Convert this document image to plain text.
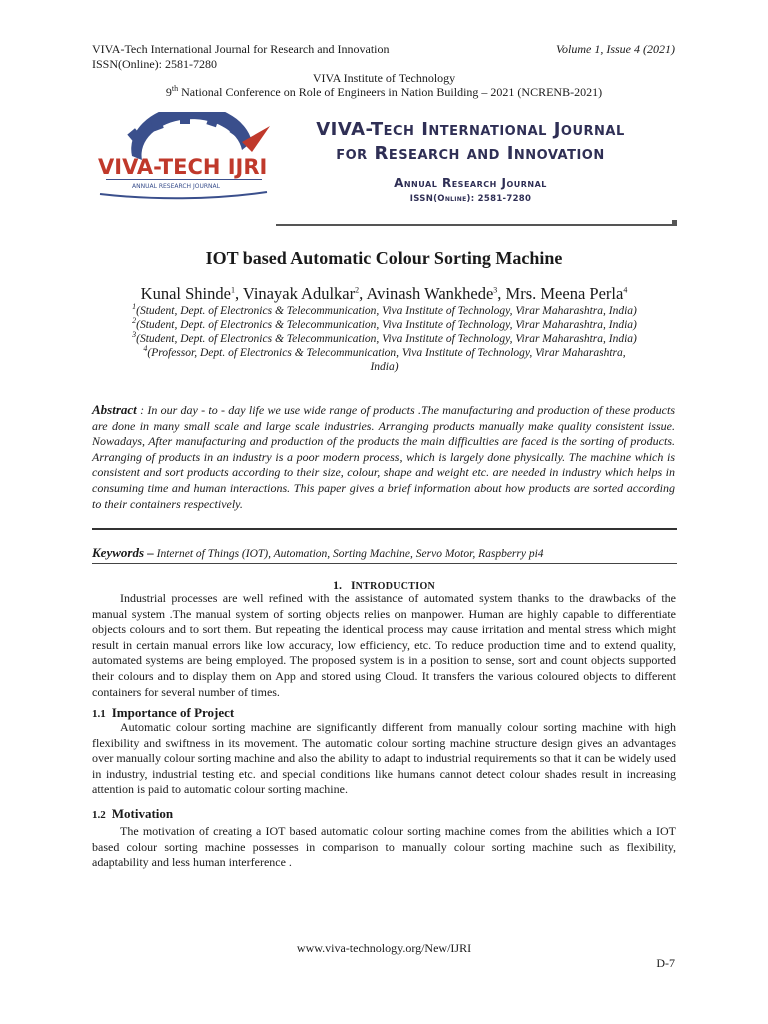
VIVA-Tech International Journal for Research and Innovation
ISSN(Online): 2581-7280
Volume 1, Issue 4 (2021)
VIVA Institute of Technology
9th National Conference on Role of Engineers in Nation Building – 2021 (NCRENB-2021)
VIVA-TECH IJRI
ANNUAL RESEARCH JOURNAL
VIVA-Tech International Journal
for Research and Innovation
Annual Research Journal
ISSN(Online): 2581-7280
IOT based Automatic Colour Sorting Machine
Kunal Shinde$^1$, Vinayak Adulkar$^2$, Avinash Wankhede$^3$, Mrs. Meena Perla$^4$
$^1$(Student, Dept. of Electronics & Telecommunication, Viva Institute of Technology, Virar Maharashtra, India)
$^2$(Student, Dept. of Electronics & Telecommunication, Viva Institute of Technology, Virar Maharashtra, India)
$^3$(Student, Dept. of Electronics & Telecommunication, Viva Institute of Technology, Virar Maharashtra, India)
$^4$(Professor, Dept. of Electronics & Telecommunication, Viva Institute of Technology, Virar Maharashtra, India)
Abstract : In our day - to - day life we use wide range of products .The manufacturing and production of these products are done in many small scale and large scale industries. Arranging products manually make quality consistent issue. Nowadays, After manufacturing and production of the products the main difficulties are faced is the sorting of products. Arranging of products in an industry is a poor modern process, which is largely done physically. The machine which is consistent and sort products according to their size, colour, shape and weight etc. are needed in industry which helps in consuming time and human interactions. This paper gives a brief information about how products are sorted according to their containers respectively.
Keywords – Internet of Things (IOT), Automation, Sorting Machine, Servo Motor, Raspberry pi4
1. INTRODUCTION
Industrial processes are well refined with the assistance of automated system thanks to the drawbacks of the manual system .The manual system of sorting objects relies on manpower. Human are highly capable to differentiate objects colours and to sort them. But repeating the identical process may cause irritation and mental stress which might result in certain manual errors like low accuracy, low efficiency, etc. To reduce production time and to extend quality, automated systems are being employed. The proposed system is in a position to sense, sort and count objects supported their colours and to display them on App and stored using Cloud. It transfers the various coloured objects to different containers for several number of times.
1.1 Importance of Project
Automatic colour sorting machine are significantly different from manually colour sorting machine with high flexibility and swiftness in its movement. The automatic colour sorting machine structure design gives an advantages over manually colour sorting machine and also the ability to adapt to industrial requirements so that it can be widely used in industry, industrial testing etc. and special conditions like humans cannot detect colour shades result in increasing attention is paid to automatic colour sorting machine.
1.2 Motivation
The motivation of creating a IOT based automatic colour sorting machine comes from the abilities which a IOT based colour sorting machine possesses in comparison to manually colour sorting machine such as flexibility, adaptability and less human interference .
www.viva-technology.org/New/IJRI
D-7
